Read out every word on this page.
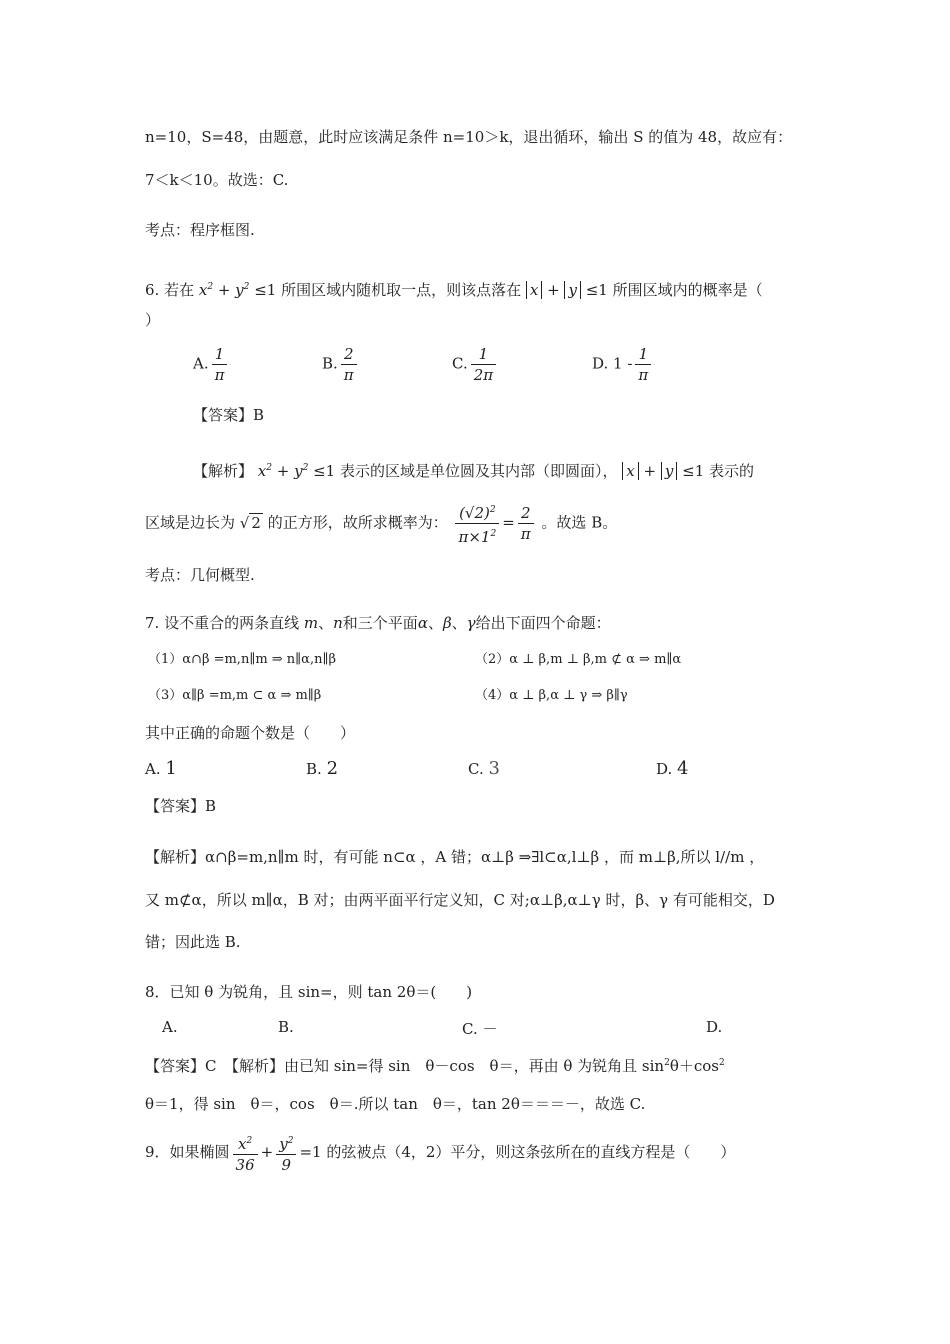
n=10，S=48，由题意，此时应该满足条件 n=10＞k，退出循环，输出 S 的值为 48，故应有：
7＜k＜10。故选：C.
考点：程序框图.
6. 若在 $x^2 + y^2 \le 1$ 所围区域内随机取一点，则该点落在 x + y ≤1 所围区域内的概率是（
）
A. $\frac{1}{\pi}$	B. $\frac{2}{\pi}$	C. $\frac{1}{2\pi}$	D. $1 - \frac{1}{\pi}$
【答案】B
【解析】 $x^2 + y^2 \le 1$ 表示的区域是单位圆及其内部（即圆面）， x + y ≤1 表示的
区域是边长为 √ 2 的正方形，故所求概率为： $\frac{(√2)^2}{\pi\times 1^2} = \frac{2}{\pi}$ 。故选 B。
考点：几何概型.
7. 设不重合的两条直线 m、n和三个平面α、β、γ给出下面四个命题：
（1）α∩β =m,n∥m ⇒ n∥α,n∥β	（2）α ⊥ β,m ⊥ β,m ⊄ α ⇒ m∥α
（3）α∥β =m,m ⊂ α ⇒ m∥β	（4）α ⊥ β,α ⊥ γ ⇒ β∥γ
其中正确的命题个数是（　　）
A. 1	B. 2	C. 3	D. 4
【答案】B
【解析】α∩β=m,n∥m 时，有可能 n⊂α ，A 错；α⊥β ⇒∃l⊂α,l⊥β ，而 m⊥β,所以 l//m ，
又 m⊄α，所以 m∥α，B 对；由两平面平行定义知，C 对;α⊥β,α⊥γ 时，β、γ 有可能相交，D
错；因此选 B.
8．已知 θ 为锐角，且 sin=，则 tan 2θ＝(　　)
A.	B.	C. －	D.
【答案】C　【解析】由已知 sin=得 sin　θ－cos　θ＝，再由 θ 为锐角且 $\sin^2\theta+\cos^2$
θ＝1，得 sin　θ＝，cos　θ＝.所以 tan　θ＝，tan 2θ＝＝＝－，故选 C.
9．如果椭圆 $\frac{x^2}{36} + \frac{y^2}{9} =1$ 的弦被点（4，2）平分，则这条弦所在的直线方程是（　　）
